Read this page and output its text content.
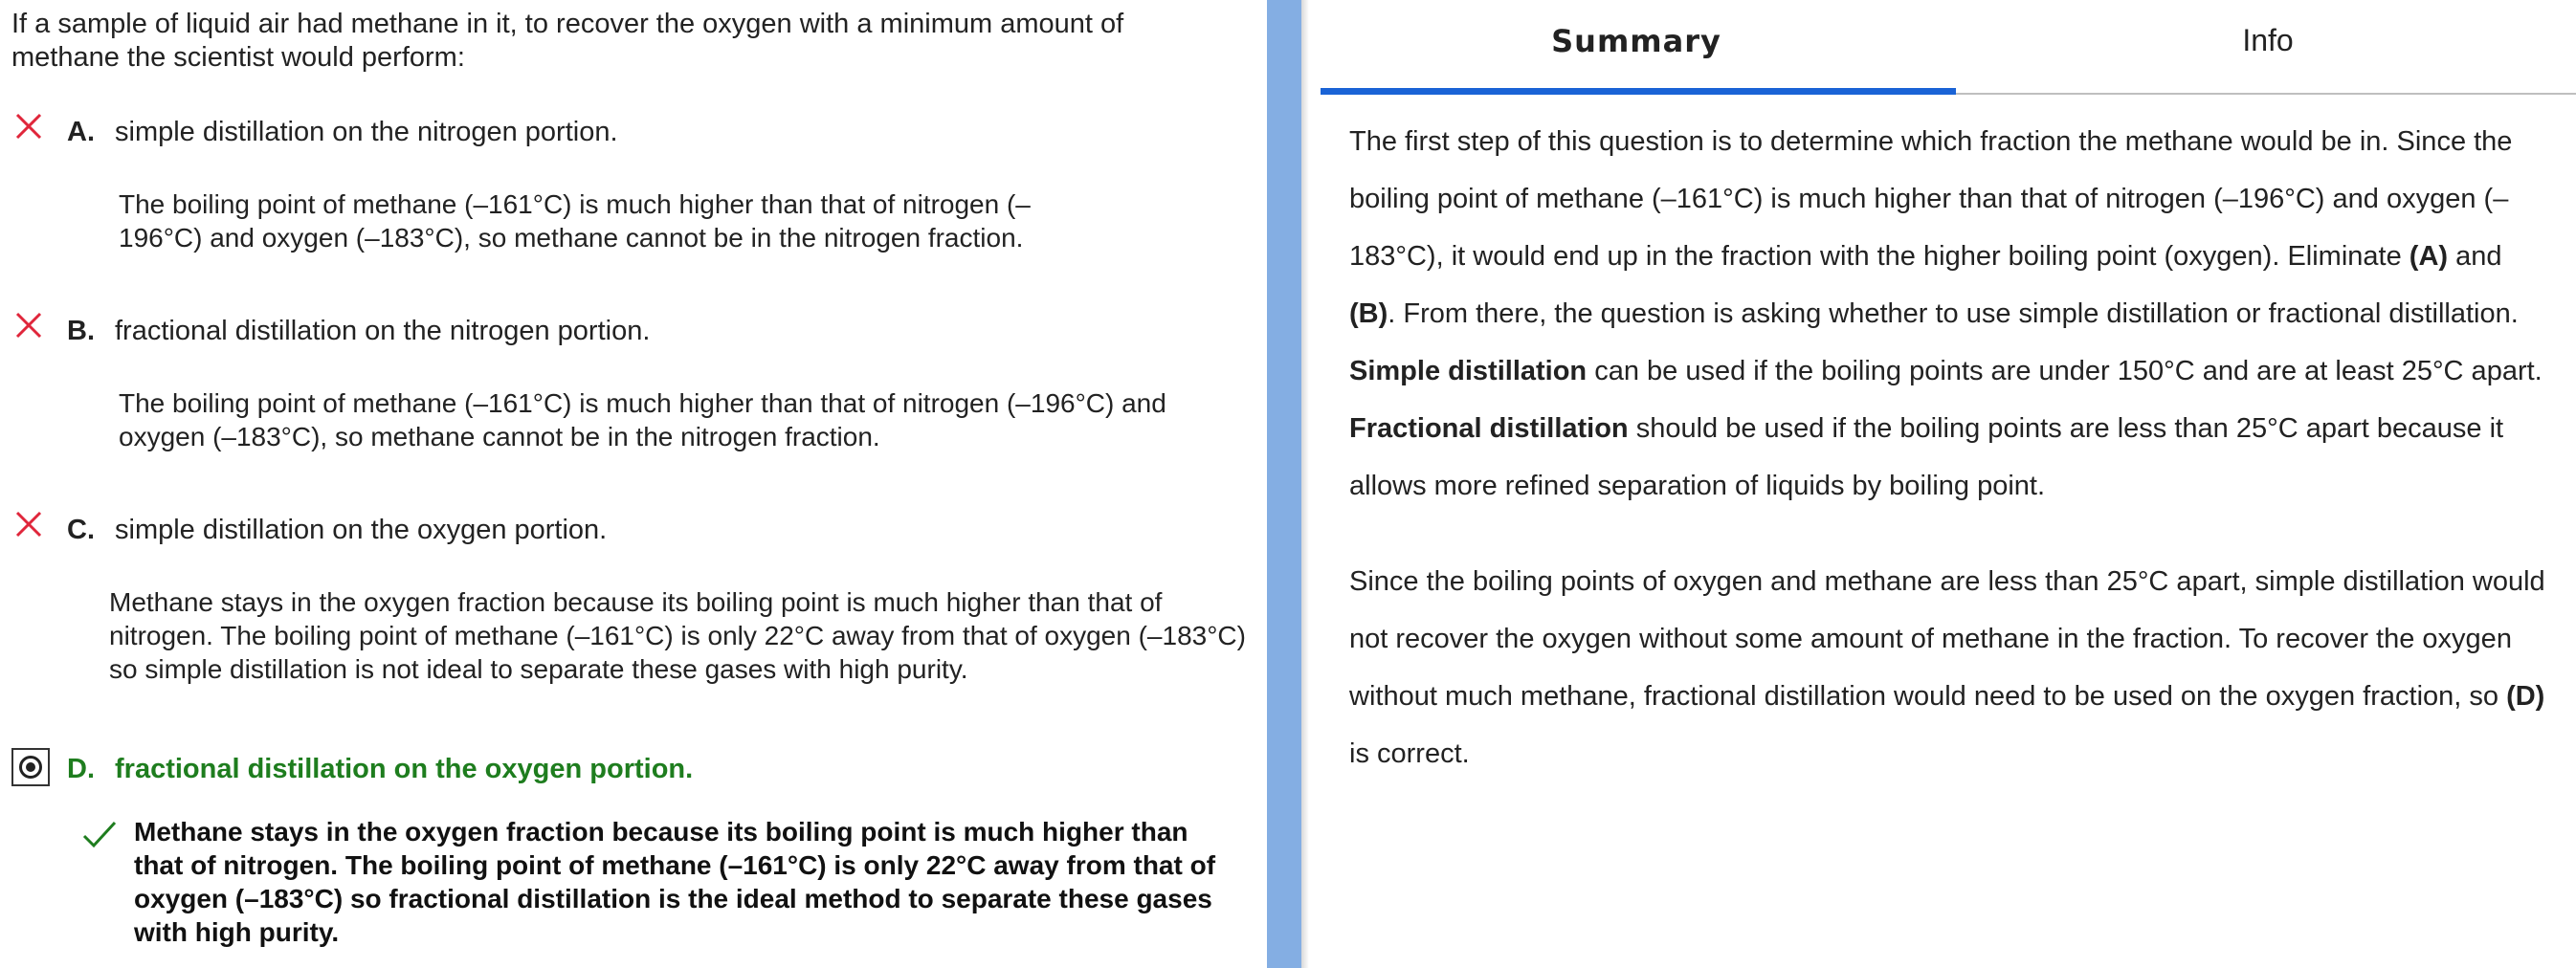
If a sample of liquid air had methane in it, to recover the oxygen with a minimum amount of methane the scientist would perform:
A. simple distillation on the nitrogen portion.
The boiling point of methane (–161°C) is much higher than that of nitrogen (– 196°C) and oxygen (–183°C), so methane cannot be in the nitrogen fraction.
B. fractional distillation on the nitrogen portion.
The boiling point of methane (–161°C) is much higher than that of nitrogen (–196°C) and oxygen (–183°C), so methane cannot be in the nitrogen fraction.
C. simple distillation on the oxygen portion.
Methane stays in the oxygen fraction because its boiling point is much higher than that of nitrogen. The boiling point of methane (–161°C) is only 22°C away from that of oxygen (–183°C) so simple distillation is not ideal to separate these gases with high purity.
D. fractional distillation on the oxygen portion.
Methane stays in the oxygen fraction because its boiling point is much higher than that of nitrogen. The boiling point of methane (–161°C) is only 22°C away from that of oxygen (–183°C) so fractional distillation is the ideal method to separate these gases with high purity.
Summary	Info

The first step of this question is to determine which fraction the methane would be in. Since the boiling point of methane (–161°C) is much higher than that of nitrogen (–196°C) and oxygen (– 183°C), it would end up in the fraction with the higher boiling point (oxygen). Eliminate (A) and (B). From there, the question is asking whether to use simple distillation or fractional distillation. Simple distillation can be used if the boiling points are under 150°C and are at least 25°C apart. Fractional distillation should be used if the boiling points are less than 25°C apart because it allows more refined separation of liquids by boiling point.

Since the boiling points of oxygen and methane are less than 25°C apart, simple distillation would not recover the oxygen without some amount of methane in the fraction. To recover the oxygen without much methane, fractional distillation would need to be used on the oxygen fraction, so (D) is correct.
